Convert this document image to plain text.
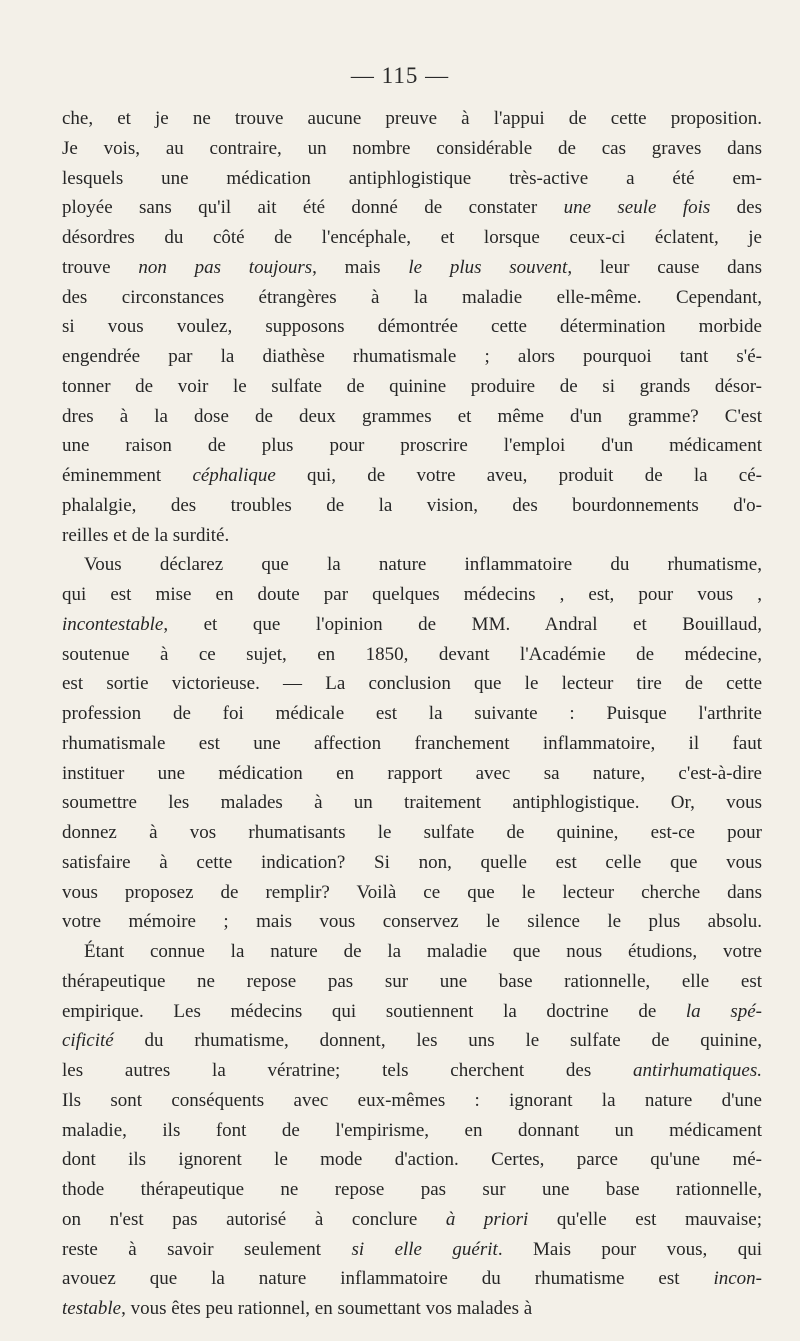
— 115 —
che, et je ne trouve aucune preuve à l'appui de cette proposition.
Je vois, au contraire, un nombre considérable de cas graves dans
lesquels une médication antiphlogistique très-active a été em-
ployée sans qu'il ait été donné de constater une seule fois des
désordres du côté de l'encéphale, et lorsque ceux-ci éclatent, je
trouve non pas toujours, mais le plus souvent, leur cause dans
des circonstances étrangères à la maladie elle-même. Cependant,
si vous voulez, supposons démontrée cette détermination morbide
engendrée par la diathèse rhumatismale ; alors pourquoi tant s'é-
tonner de voir le sulfate de quinine produire de si grands désor-
dres à la dose de deux grammes et même d'un gramme? C'est
une raison de plus pour proscrire l'emploi d'un médicament
éminemment céphalique qui, de votre aveu, produit de la cé-
phalalgie, des troubles de la vision, des bourdonnements d'o-
reilles et de la surdité.
Vous déclarez que la nature inflammatoire du rhumatisme,
qui est mise en doute par quelques médecins , est, pour vous ,
incontestable, et que l'opinion de MM. Andral et Bouillaud,
soutenue à ce sujet, en 1850, devant l'Académie de médecine,
est sortie victorieuse. — La conclusion que le lecteur tire de cette
profession de foi médicale est la suivante : Puisque l'arthrite
rhumatismale est une affection franchement inflammatoire, il faut
instituer une médication en rapport avec sa nature, c'est-à-dire
soumettre les malades à un traitement antiphlogistique. Or, vous
donnez à vos rhumatisants le sulfate de quinine, est-ce pour
satisfaire à cette indication? Si non, quelle est celle que vous
vous proposez de remplir? Voilà ce que le lecteur cherche dans
votre mémoire ; mais vous conservez le silence le plus absolu.
Étant connue la nature de la maladie que nous étudions, votre
thérapeutique ne repose pas sur une base rationnelle, elle est
empirique. Les médecins qui soutiennent la doctrine de la spé-
cificité du rhumatisme, donnent, les uns le sulfate de quinine,
les autres la vératrine; tels cherchent des antirhumatiques.
Ils sont conséquents avec eux-mêmes : ignorant la nature d'une
maladie, ils font de l'empirisme, en donnant un médicament
dont ils ignorent le mode d'action. Certes, parce qu'une mé-
thode thérapeutique ne repose pas sur une base rationnelle,
on n'est pas autorisé à conclure à priori qu'elle est mauvaise;
reste à savoir seulement si elle guérit. Mais pour vous, qui
avouez que la nature inflammatoire du rhumatisme est incon-
testable, vous êtes peu rationnel, en soumettant vos malades à
